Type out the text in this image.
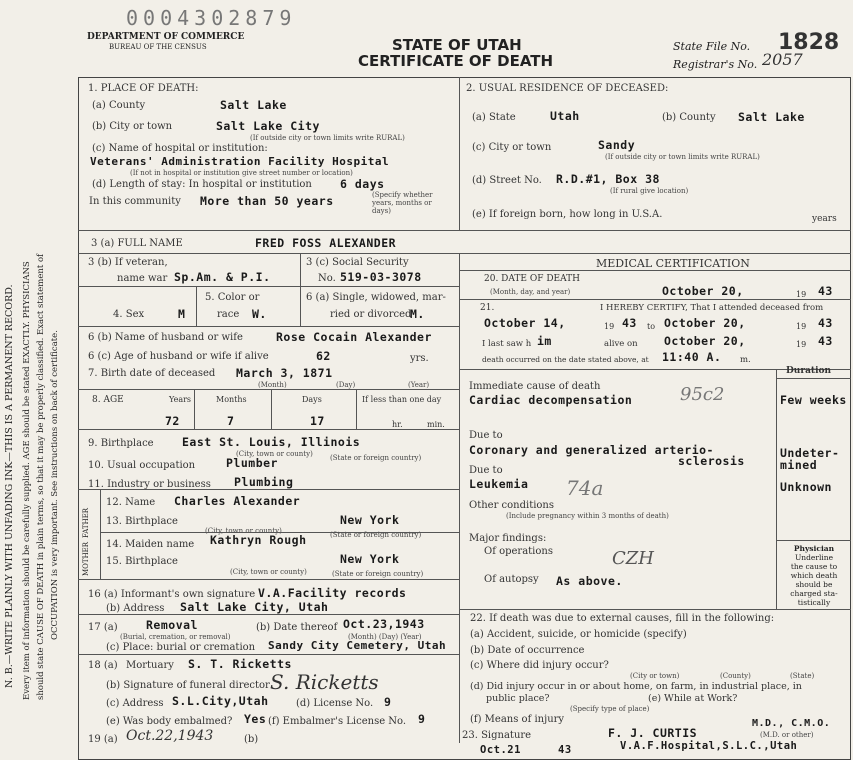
N. B.—WRITE PLAINLY WITH UNFADING INK—THIS IS A PERMANENT RECORD. Every item of information should be carefully supplied. AGE should be stated EXACTLY. PHYSICIANS should state CAUSE OF DEATH in plain terms, so that it may be properly classified. Exact statement of OCCUPATION is very important. See instructions on back of certificate.
0004302879
DEPARTMENT OF COMMERCE
BUREAU OF THE CENSUS	STATE OF UTAH
CERTIFICATE OF DEATH
State File No. 1828
Registrar's No. 2057
1. PLACE OF DEATH:
(a) County	Salt Lake
(b) City or town	Salt Lake City
(If outside city or town limits write RURAL)
(c) Name of hospital or institution:
Veterans' Administration Facility Hospital
(If not in hospital or institution give street number or location)
(d) Length of stay: In hospital or institution 6 days
In this community More than 50 years	(Specify whether years, months or days)
2. USUAL RESIDENCE OF DECEASED:
(a) State	Utah	(b) County Salt Lake
(c) City or town	Sandy
(If outside city or town limits write RURAL)
(d) Street No. R.D.#1, Box 38
(If rural give location)
(e) If foreign born, how long in U.S.A.	years
3 (a) FULL NAME	FRED FOSS ALEXANDER
3 (b) If veteran,
name war Sp.Am. & P.I.
3 (c) Social Security
No. 519-03-3078
4. Sex	M
5. Color or
race W.
6 (a) Single, widowed, mar-
ried or divorced
M.
6 (b) Name of husband or wife	Rose Cocain Alexander
6 (c) Age of husband or wife if alive	62	yrs.
7. Birth date of deceased March 3, 1871
(Month)	(Day)	(Year)
8. AGE	Years
72
Months
7
Days
17
If less than one day
hr.	min.
9. Birthplace East St. Louis, Illinois
(City, town or county) (State or foreign country)
10. Usual occupation	Plumber
11. Industry or business Plumbing
FATHER
MOTHER
12. Name Charles Alexander
13. Birthplace	New York
(City, town or county)	(State or foreign country)
14. Maiden name Kathryn Rough
15. Birthplace	New York
(City, town or county)	(State or foreign country)
16 (a) Informant's own signature V.A.Facility records
(b) Address Salt Lake City, Utah
17 (a) Removal
(Burial, cremation, or removal)
(b) Date thereof Oct.23,1943
(Month) (Day) (Year)
(c) Place: burial or cremation Sandy City Cemetery, Utah
18 (a) Mortuary S. T. Ricketts
(b) Signature of funeral director S. Ricketts
(c) Address S.L.City,Utah	(d) License No. 9
(e) Was body embalmed? Yes (f) Embalmer's License No. 9
19 (a) Oct.22,1943	(b)
MEDICAL CERTIFICATION
20. DATE OF DEATH
(Month, day, and year)	October 20,	19 43
21.	I HEREBY CERTIFY, That I attended deceased from
October 14,	19 43 to October 20,	19 43
I last saw h im	alive on October 20,	19 43
death occurred on the date stated above, at 11:40 A. m.
Duration
Immediate cause of death
Cardiac decompensation	95c2	Few weeks
Due to
Coronary and generalized arterio-
sclerosis
Undeter-
mined
Due to
Leukemia 74a	Unknown
Other conditions
(Include pregnancy within 3 months of death)
Major findings:
Of operations
Of autopsy As above.
CZH	Physician
Underline
the cause to
which death
should be
charged sta-
tistically
22. If death was due to external causes, fill in the following:
(a) Accident, suicide, or homicide (specify)
(b) Date of occurrence
(c) Where did injury occur?
(City or town)	(County)	(State)
(d) Did injury occur in or about home, on farm, in industrial place, in
public place?
(Specify type of place)
(e) While at Work?
(f) Means of injury
23. Signature	F. J. CURTIS
M.D., C.M.O.
(M.D. or other)
V.A.F.Hospital,S.L.C.,Utah
Oct.21	43
